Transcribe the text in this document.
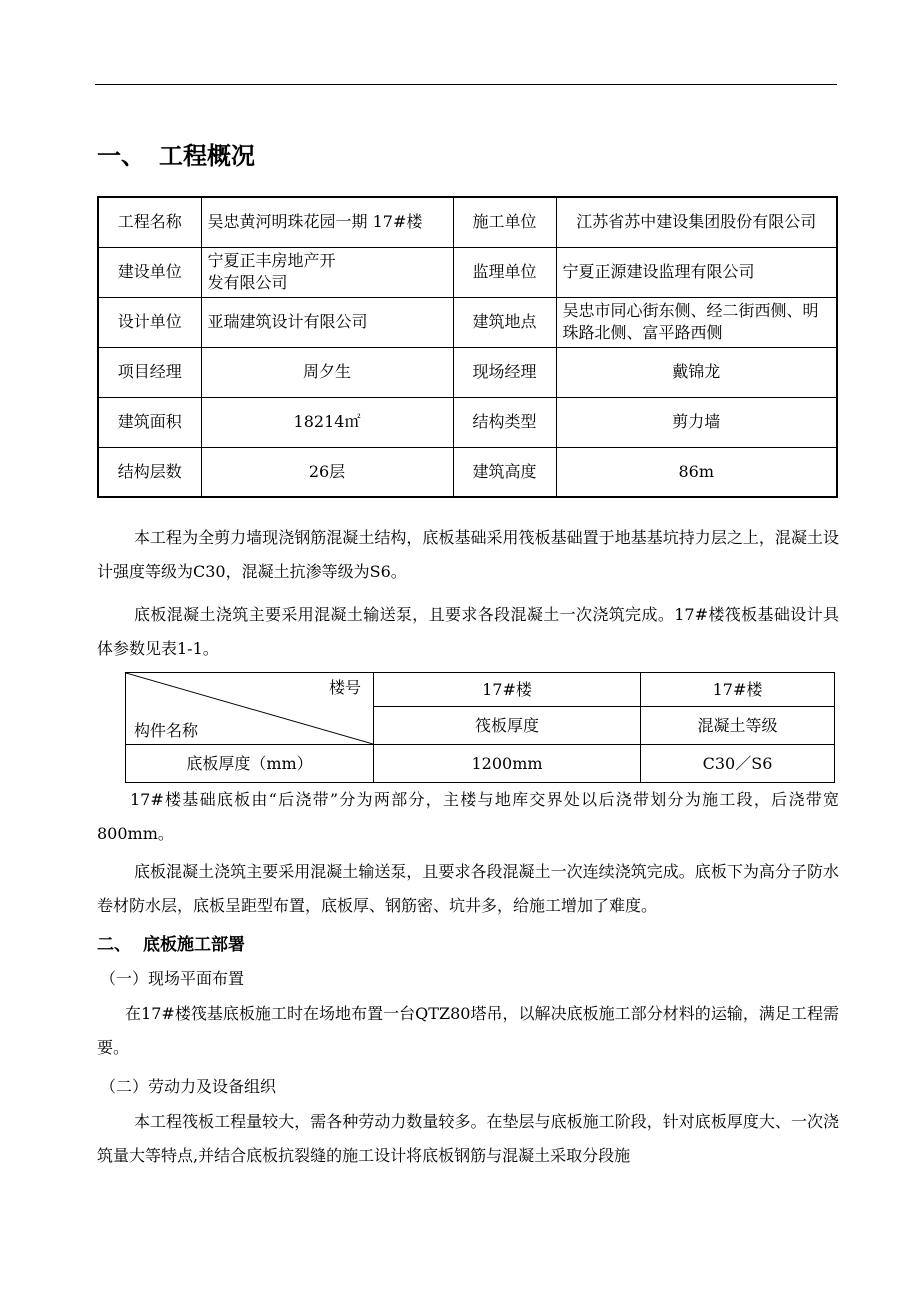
一、 工程概况
工程名称	吴忠黄河明珠花园一期 17#楼	施工单位	江苏省苏中建设集团股份有限公司
建设单位	宁夏正丰房地产开发有限公司	监理单位	宁夏正源建设监理有限公司
设计单位	亚瑞建筑设计有限公司	建筑地点	吴忠市同心街东侧、经二街西侧、明珠路北侧、富平路西侧
项目经理	周夕生	现场经理	戴锦龙
建筑面积	18214㎡	结构类型	剪力墙
结构层数	26层	建筑高度	86m

本工程为全剪力墙现浇钢筋混凝土结构，底板基础采用筏板基础置于地基基坑持力层之上，混凝土设计强度等级为C30，混凝土抗渗等级为S6。

底板混凝土浇筑主要采用混凝土输送泵，且要求各段混凝土一次浇筑完成。17#楼筏板基础设计具体参数见表1-1。

楼号
构件名称	17#楼	17#楼
	筏板厚度	混凝土等级
底板厚度（mm）	1200mm	C30／S6

17#楼基础底板由“后浇带”分为两部分，主楼与地库交界处以后浇带划分为施工段，后浇带宽800mm。

底板混凝土浇筑主要采用混凝土输送泵，且要求各段混凝土一次连续浇筑完成。底板下为高分子防水卷材防水层，底板呈距型布置，底板厚、钢筋密、坑井多，给施工增加了难度。

二、 底板施工部署
（一）现场平面布置

在17#楼筏基底板施工时在场地布置一台QTZ80塔吊，以解决底板施工部分材料的运输，满足工程需要。

（二）劳动力及设备组织

本工程筏板工程量较大，需各种劳动力数量较多。在垫层与底板施工阶段，针对底板厚度大、一次浇筑量大等特点,并结合底板抗裂缝的施工设计将底板钢筋与混凝土采取分段施
